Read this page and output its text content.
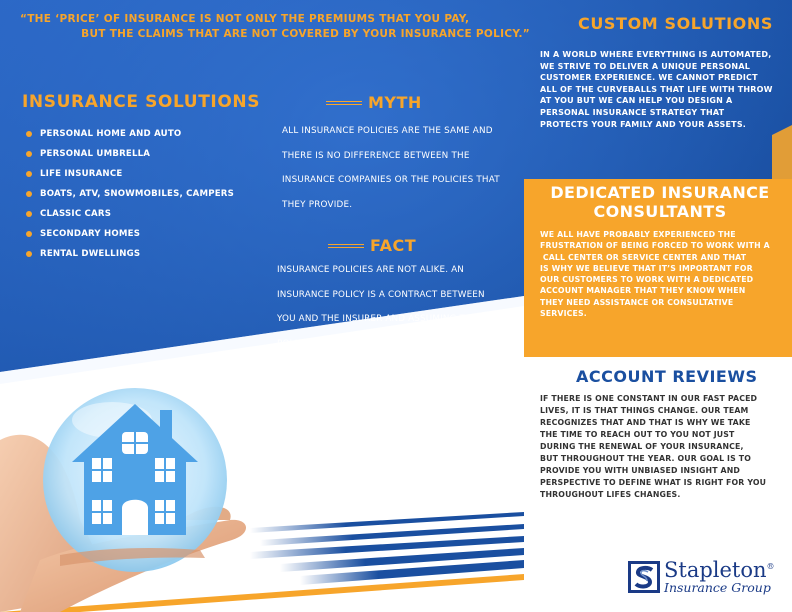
“THE ‘PRICE’ OF INSURANCE IS NOT ONLY THE PREMIUMS THAT YOU PAY,
BUT THE CLAIMS THAT ARE NOT COVERED BY YOUR INSURANCE POLICY.”
INSURANCE SOLUTIONS
PERSONAL HOME AND AUTO
PERSONAL UMBRELLA
LIFE INSURANCE
BOATS, ATV, SNOWMOBILES, CAMPERS
CLASSIC CARS
SECONDARY HOMES
RENTAL DWELLINGS
MYTH
ALL INSURANCE POLICIES ARE THE SAME AND
THERE IS NO DIFFERENCE BETWEEN THE
INSURANCE COMPANIES OR THE POLICIES THAT
THEY PROVIDE.
FACT
INSURANCE POLICIES ARE NOT ALIKE. AN
INSURANCE POLICY IS A CONTRACT BETWEEN
YOU AND THE INSURER AND ASSUMING THAT ALL
POLICIES ARE THE SAME IS A COMMON MISTAKE.
THE REALITY IS THAT THE LIMITS OF INSURANCE
MAY BE THE SAME FROM POLICY TO ANOTHER,
BUT HOW THE POLICY COVERAGES RESPOND AT
THE TIME OF A CLAIM CAN BE VERY DIFFERENT.
CUSTOM SOLUTIONS
IN A WORLD WHERE EVERYTHING IS AUTOMATED,
WE STRIVE TO DELIVER A UNIQUE PERSONAL
CUSTOMER EXPERIENCE. WE CANNOT PREDICT
ALL OF THE CURVEBALLS THAT LIFE WITH THROW
AT YOU BUT WE CAN HELP YOU DESIGN A
PERSONAL INSURANCE STRATEGY THAT
PROTECTS YOUR FAMILY AND YOUR ASSETS.
DEDICATED INSURANCE
CONSULTANTS
WE ALL HAVE PROBABLY EXPERIENCED THE
FRUSTRATION OF BEING FORCED TO WORK WITH A
CALL CENTER OR SERVICE CENTER AND THAT
IS WHY WE BELIEVE THAT IT’S IMPORTANT FOR
OUR CUSTOMERS TO WORK WITH A DEDICATED
ACCOUNT MANAGER THAT THEY KNOW WHEN
THEY NEED ASSISTANCE OR CONSULTATIVE
SERVICES.
ACCOUNT REVIEWS
IF THERE IS ONE CONSTANT IN OUR FAST PACED
LIVES, IT IS THAT THINGS CHANGE. OUR TEAM
RECOGNIZES THAT AND THAT IS WHY WE TAKE
THE TIME TO REACH OUT TO YOU NOT JUST
DURING THE RENEWAL OF YOUR INSURANCE,
BUT THROUGHOUT THE YEAR. OUR GOAL IS TO
PROVIDE YOU WITH UNBIASED INSIGHT AND
PERSPECTIVE TO DEFINE WHAT IS RIGHT FOR YOU
THROUGHOUT LIFES CHANGES.
Stapleton®
Insurance Group
